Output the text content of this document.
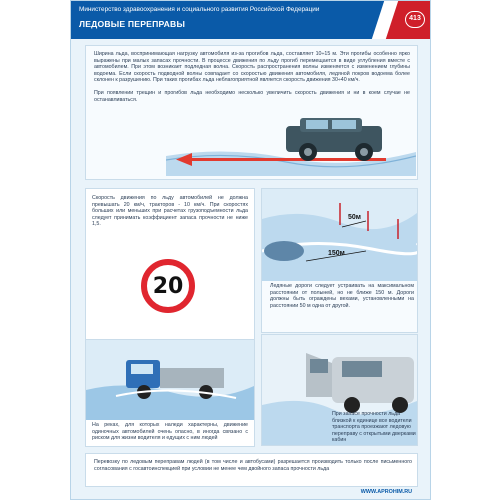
Министерство здравоохранения и социального развития Российской Федерации
ЛЕДОВЫЕ ПЕРЕПРАВЫ
413

Ширина льда, воспринимающая нагрузку автомобиля из-за прогибов льда, составляет 10÷15 м. Эти прогибы особенно ярко выражены при малых запасах прочности. В процессе движения по льду прогиб перемещается в виде углубления вместе с автомобилем. При этом возникает подледная волна. Скорость распространения волны изменяется с изменением глубины водоема. Если скорость подводной волны совпадает со скоростью движения автомобиля, ледяной покров водоема более склонен к разрушению. При таких прогибах льда неблагоприятной является скорость движения 30÷40 км/ч.

При появлении трещин и прогибов льда необходимо несколько увеличить скорость движения и ни в коем случае не останавливаться.

Скорость движения по льду автомобилей не должна превышать 20 км/ч, тракторов - 10 км/ч. При скоростях больших или меньших при расчетах грузоподъемности льда следует принимать коэффициент запаса прочности не ниже 1,5.
20
50м
150м
Ледяные дороги следует устраивать на максимальном расстоянии от полыней, но не ближе 150 м. Дороги должны быть ограждены вехами, установленными на расстоянии 50 м одна от другой.
На реках, для которых наледи характерны, движение одиночных автомобилей очень опасно, в иногда связано с риском для жизни водителя и едущих с ним людей
При запасе прочности льда близкой к единице все водители транспорта проезжают ледовую переправу с открытыми дверками кабин
Перевозку по ледовым переправам людей (в том числе и автобусами) разрешается производить только после письменного согласования с госавтоинспекцией при условии не менее чем двойного запаса прочности льда
WWW.APROHIM.RU
